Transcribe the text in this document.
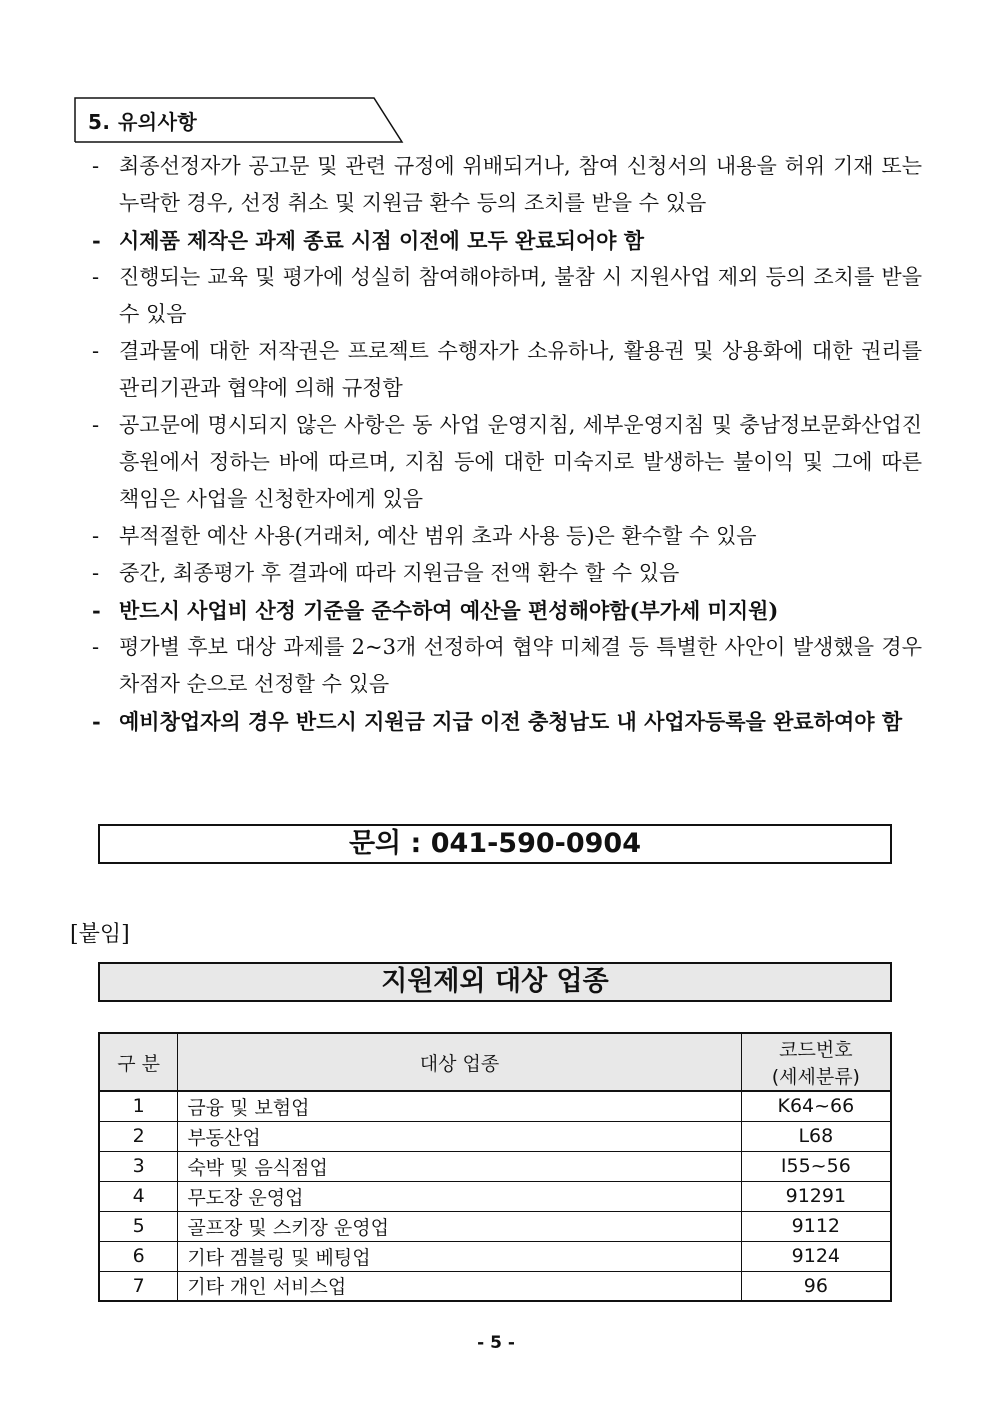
5. 유의사항
- 최종선정자가 공고문 및 관련 규정에 위배되거나, 참여 신청서의 내용을 허위 기재 또는 누락한 경우, 선정 취소 및 지원금 환수 등의 조치를 받을 수 있음
- 시제품 제작은 과제 종료 시점 이전에 모두 완료되어야 함
- 진행되는 교육 및 평가에 성실히 참여해야하며, 불참 시 지원사업 제외 등의 조치를 받을 수 있음
- 결과물에 대한 저작권은 프로젝트 수행자가 소유하나, 활용권 및 상용화에 대한 권리를 관리기관과 협약에 의해 규정함
- 공고문에 명시되지 않은 사항은 동 사업 운영지침, 세부운영지침 및 충남정보문화산업진흥원에서 정하는 바에 따르며, 지침 등에 대한 미숙지로 발생하는 불이익 및 그에 따른 책임은 사업을 신청한자에게 있음
- 부적절한 예산 사용(거래처, 예산 범위 초과 사용 등)은 환수할 수 있음
- 중간, 최종평가 후 결과에 따라 지원금을 전액 환수 할 수 있음
- 반드시 사업비 산정 기준을 준수하여 예산을 편성해야함(부가세 미지원)
- 평가별 후보 대상 과제를 2~3개 선정하여 협약 미체결 등 특별한 사안이 발생했을 경우 차점자 순으로 선정할 수 있음
- 예비창업자의 경우 반드시 지원금 지급 이전 충청남도 내 사업자등록을 완료하여야 함
문의 : 041-590-0904
[붙임]
지원제외 대상 업종
구 분	대상 업종	코드번호
(세세분류)

1	금융 및 보험업	K64~66
2	부동산업	L68
3	숙박 및 음식점업	I55~56
4	무도장 운영업	91291
5	골프장 및 스키장 운영업	9112
6	기타 겜블링 및 베팅업	9124
7	기타 개인 서비스업	96
- 5 -
